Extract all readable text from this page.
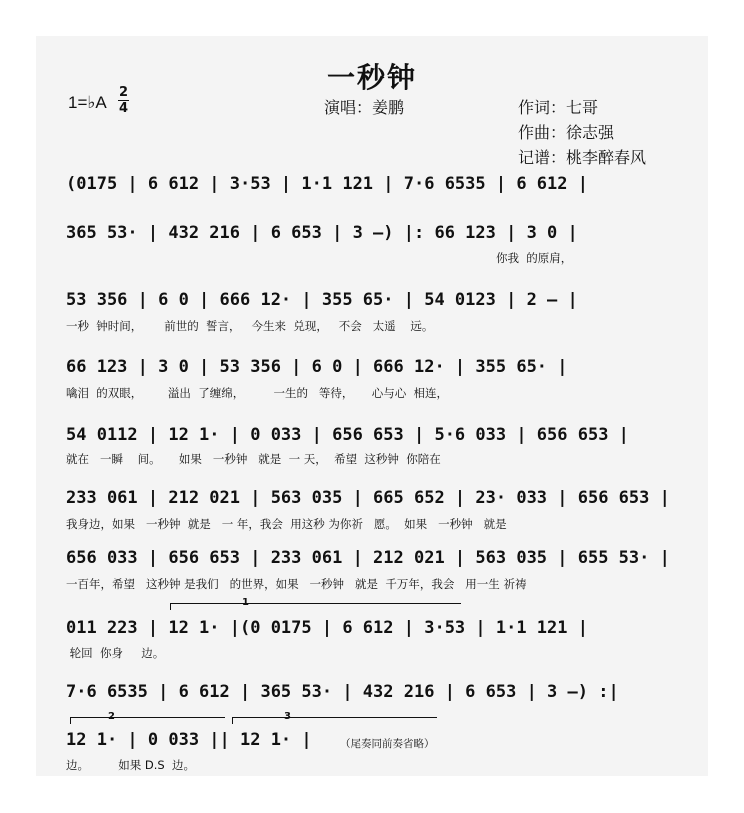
一秒钟
1=♭A
2
4	演唱：姜鹏	作词：七哥
作曲：徐志强
记谱：桃李醉春风
(0175 | 6 612 | 3·53 | 1·1 121 | 7·6 6535 | 6 612 |
365 53· | 432 216 | 6 653 | 3 –) |: 66 123 | 3 0 |
你我  的原肩，
53 356 | 6 0 | 666 12· | 355 65· | 54 0123 | 2 – |
一秒  钟时间，      前世的  誓言，   今生来  兑现，   不会   太遥    远。
66 123 | 3 0 | 53 356 | 6 0 | 666 12· | 355 65· |
噙泪  的双眼，       溢出  了缠绵，        一生的   等待，     心与心  相连，
54 0112 | 12 1· | 0 033 | 656 653 | 5·6 033 | 656 653 |
就在   一瞬    间。     如果   一秒钟   就是  一 天，  希望  这秒钟  你陪在
233 061 | 212 021 | 563 035 | 665 652 | 23· 033 | 656 653 |
我身边，如果   一秒钟  就是   一 年，我会  用这秒 为你祈   愿。  如果   一秒钟   就是
656 033 | 656 653 | 233 061 | 212 021 | 563 035 | 655 53· |
一百年，希望   这秒钟 是我们   的世界，如果   一秒钟   就是  千万年，我会   用一生 祈祷
1
011 223 | 12 1· |(0 0175 | 6 612 | 3·53 | 1·1 121 |
轮回  你身     边。
7·6 6535 | 6 612 | 365 53· | 432 216 | 6 653 | 3 –) :|
2	3
12 1· | 0 033 || 12 1· |
边。        如果 D.S  边。
（尾奏同前奏省略）
